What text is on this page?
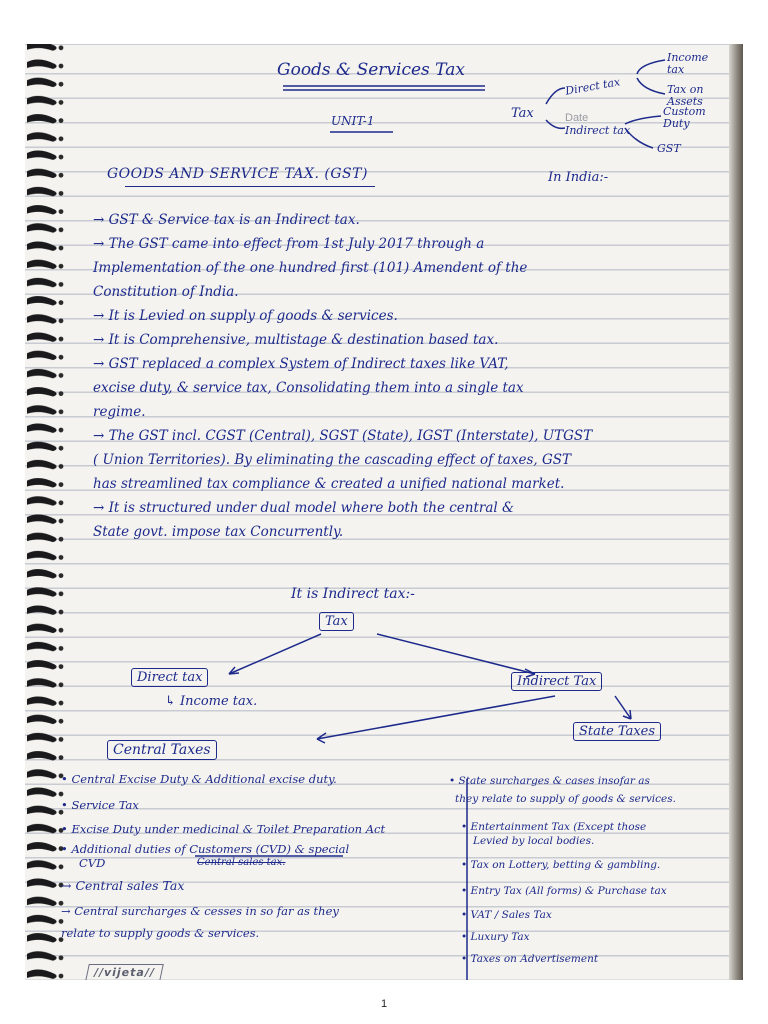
Goods & Services Tax
UNIT-1	Tax	Date
Direct tax
Indirect tax
Income tax
Tax on Assets
Custom Duty
GST
GOODS AND SERVICE TAX. (GST)	In India:-
→ GST & Service tax is an Indirect tax.
→ The GST came into effect from 1st July 2017 through a
Implementation of the one hundred first (101) Amendent of the
Constitution of India.
→ It is Levied on supply of goods & services.
→ It is Comprehensive, multistage & destination based tax.
→ GST replaced a complex System of Indirect taxes like VAT,
excise duty, & service tax, Consolidating them into a single tax
regime.
→ The GST incl. CGST (Central), SGST (State), IGST (Interstate), UTGST
( Union Territories). By eliminating the cascading effect of taxes, GST
has streamlined tax compliance & created a unified national market.
→ It is structured under dual model where both the central &
State govt. impose tax Concurrently.
It is Indirect tax:-
Tax
Direct tax
↳ Income tax.
Indirect Tax
State Taxes
Central Taxes
• Central Excise Duty & Additional excise duty.
• Service Tax
• Excise Duty under medicinal & Toilet Preparation Act
• Additional duties of Customers (CVD) & special
CVD	Central sales tax.
→ Central sales Tax
→ Central surcharges & cesses in so far as they
relate to supply goods & services.
• State surcharges & cases insofar as
they relate to supply of goods & services.
• Entertainment Tax (Except those
Levied by local bodies.
• Tax on Lottery, betting & gambling.
• Entry Tax (All forms) & Purchase tax
• VAT / Sales Tax
• Luxury Tax
• Taxes on Advertisement
//vijeta//
1
